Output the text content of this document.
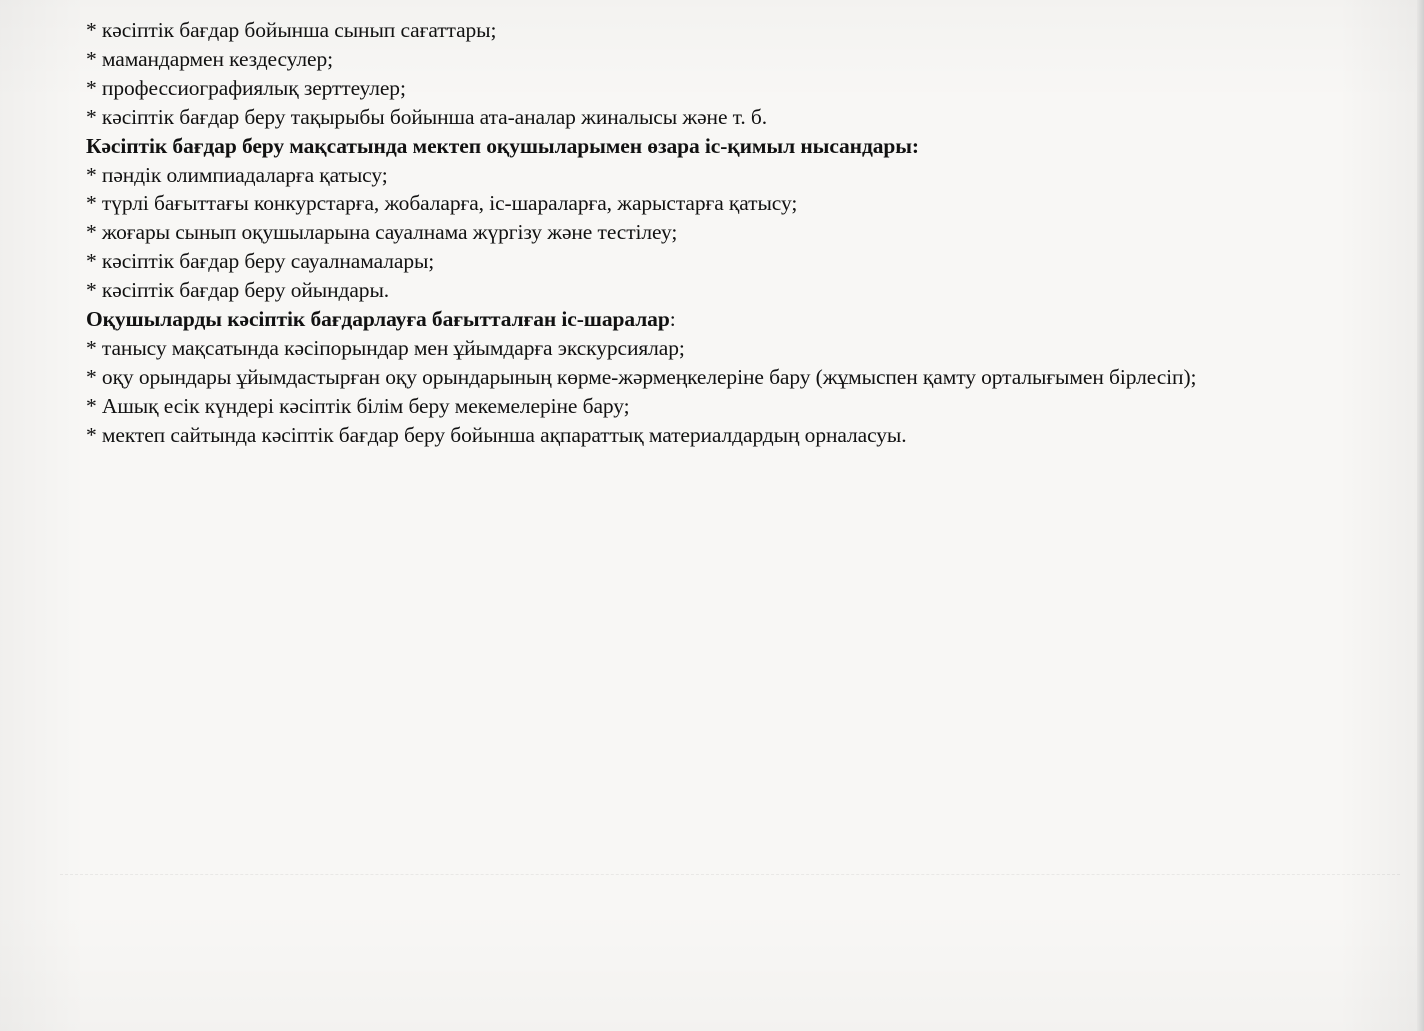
* кәсіптік бағдар бойынша сынып сағаттары;
* мамандармен кездесулер;
* профессиографиялық зерттеулер;
* кәсіптік бағдар беру тақырыбы бойынша ата-аналар жиналысы және т. б.
Кәсіптік бағдар беру мақсатында мектеп оқушыларымен өзара іс-қимыл нысандары:
* пәндік олимпиадаларға қатысу;
* түрлі бағыттағы конкурстарға, жобаларға, іс-шараларға, жарыстарға қатысу;
* жоғары сынып оқушыларына сауалнама жүргізу және тестілеу;
* кәсіптік бағдар беру сауалнамалары;
* кәсіптік бағдар беру ойындары.
Оқушыларды кәсіптік бағдарлауға бағытталған іс-шаралар:
* танысу мақсатында кәсіпорындар мен ұйымдарға экскурсиялар;
* оқу орындары ұйымдастырған оқу орындарының көрме-жәрмеңкелеріне бару (жұмыспен қамту орталығымен бірлесіп);
* Ашық есік күндері кәсіптік білім беру мекемелеріне бару;
* мектеп сайтында кәсіптік бағдар беру бойынша ақпараттық материалдардың орналасуы.
